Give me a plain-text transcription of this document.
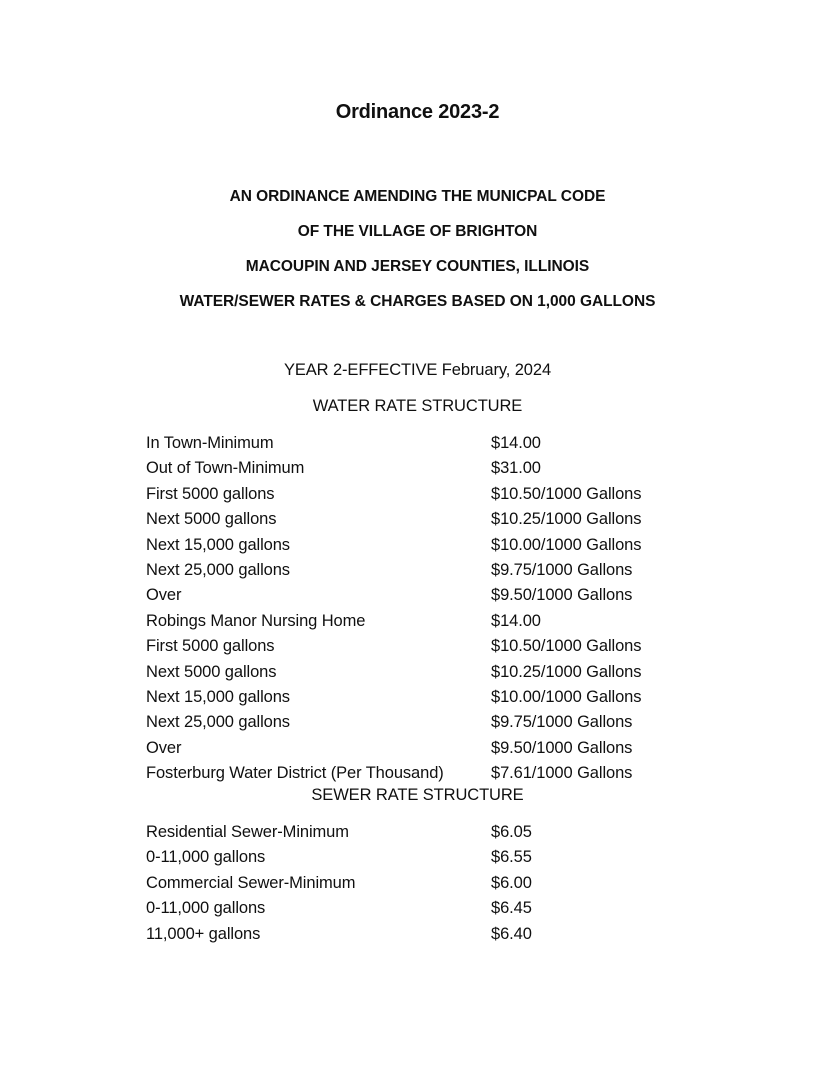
Ordinance 2023-2
AN ORDINANCE AMENDING THE MUNICPAL CODE
OF THE VILLAGE OF BRIGHTON
MACOUPIN AND JERSEY COUNTIES, ILLINOIS
WATER/SEWER RATES & CHARGES BASED ON 1,000 GALLONS
YEAR 2-EFFECTIVE February, 2024
WATER RATE STRUCTURE
In Town-Minimum	$14.00
Out of Town-Minimum	$31.00
First 5000 gallons	$10.50/1000 Gallons
Next 5000 gallons	$10.25/1000 Gallons
Next 15,000 gallons	$10.00/1000 Gallons
Next 25,000 gallons	$9.75/1000 Gallons
Over	$9.50/1000 Gallons
Robings Manor Nursing Home	$14.00
First 5000 gallons	$10.50/1000 Gallons
Next 5000 gallons	$10.25/1000 Gallons
Next 15,000 gallons	$10.00/1000 Gallons
Next 25,000 gallons	$9.75/1000 Gallons
Over	$9.50/1000 Gallons
Fosterburg Water District (Per Thousand)	$7.61/1000 Gallons
SEWER RATE STRUCTURE
Residential Sewer-Minimum	$6.05
0-11,000 gallons	$6.55
Commercial Sewer-Minimum	$6.00
0-11,000 gallons	$6.45
11,000+ gallons	$6.40
